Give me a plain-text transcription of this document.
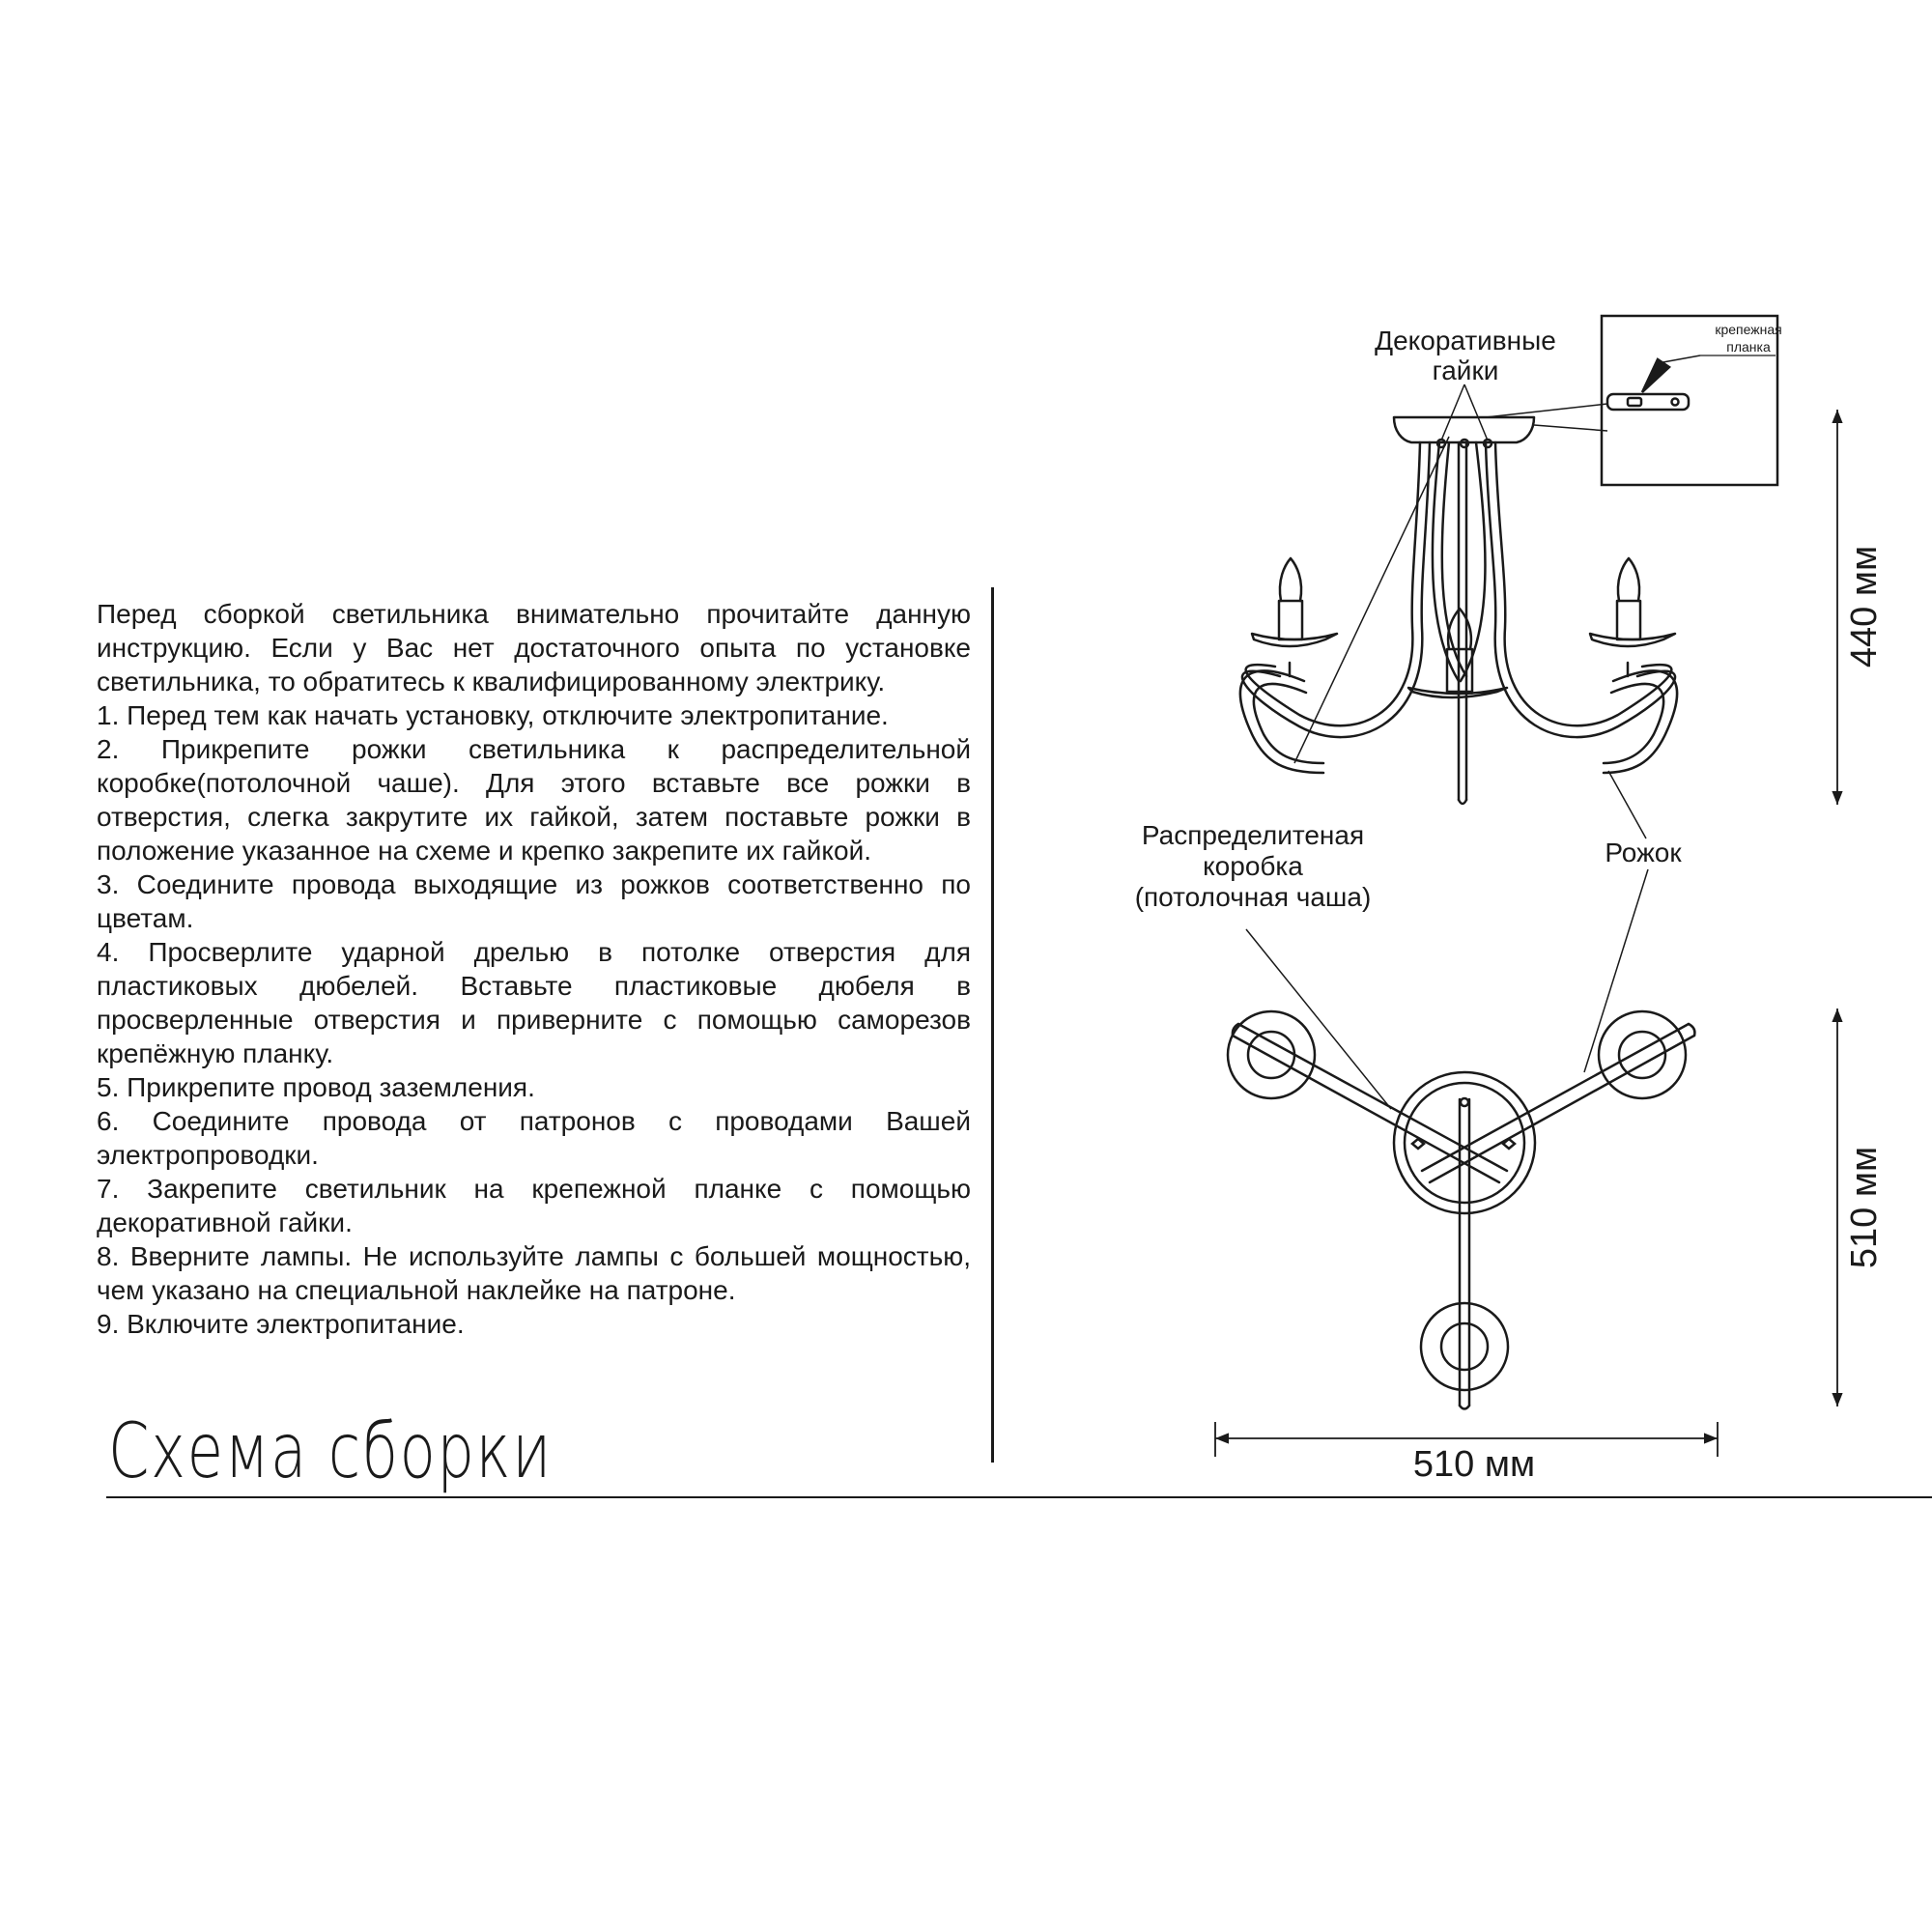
Перед сборкой светильника внимательно прочитайте данную инструкцию. Если у Вас нет достаточного опыта по установке светильника, то обратитесь к квалифицированному электрику.

1. Перед тем как начать установку, отключите электропитание.
2. Прикрепите рожки светильника к распределительной коробке(потолочной чаше). Для этого вставьте все рожки в отверстия, слегка закрутите их гайкой, затем поставьте рожки в положение указанное на схеме и крепко закрепите их гайкой.
3. Соедините провода выходящие из рожков соответственно по цветам.
4. Просверлите ударной дрелью в потолке отверстия для пластиковых дюбелей. Вставьте пластиковые дюбеля в просверленные отверстия и приверните с помощью саморезов крепёжную планку.
5. Прикрепите провод заземления.
6. Соедините провода от патронов с проводами Вашей электропроводки.
7. Закрепите светильник на крепежной планке с помощью декоративной гайки.
8. Вверните лампы. Не используйте лампы с большей мощностью, чем указано на специальной наклейке на патроне.
9. Включите электропитание.
Схема сборки
крепежная
планка
Декоративные
гайки
Распределитеная
коробка
(потолочная чаша)
Рожок
440 мм
510 мм
510 мм
